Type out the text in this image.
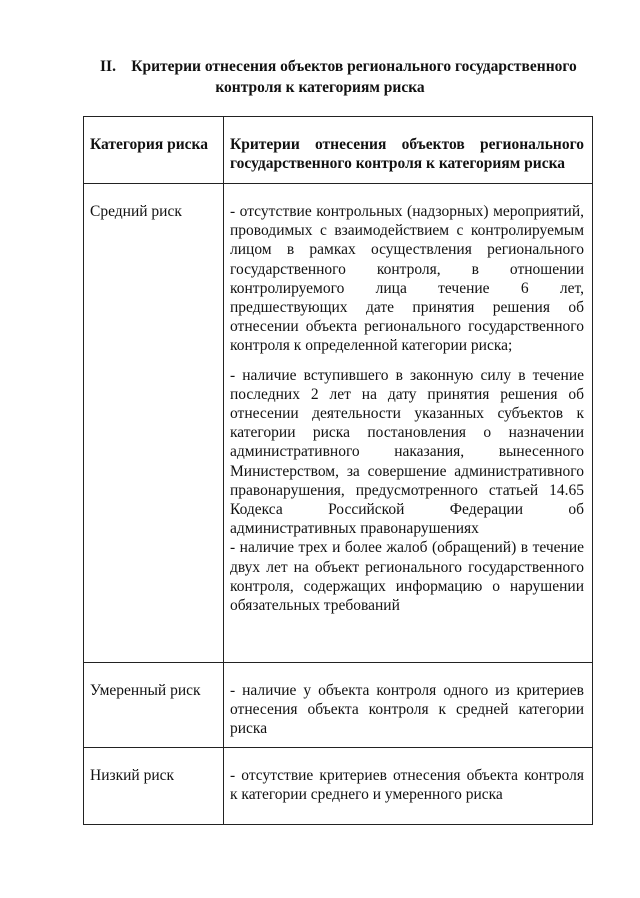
II. Критерии отнесения объектов регионального государственного
контроля к категориям риска
Категория риска	Критерии отнесения объектов регионального государственного контроля к категориям риска
Средний риск	- отсутствие контрольных (надзорных) мероприятий, проводимых с взаимодействием с контролируемым лицом в рамках осуществления регионального государственного контроля, в отношении контролируемого лица течение 6 лет, предшествующих дате принятия решения об отнесении объекта регионального государственного контроля к определенной категории риска;

- наличие вступившего в законную силу в течение последних 2 лет на дату принятия решения об отнесении деятельности указанных субъектов к категории риска постановления о назначении административного наказания, вынесенного Министерством, за совершение административного правонарушения, предусмотренного статьей 14.65 Кодекса Российской Федерации об административных правонарушениях

- наличие трех и более жалоб (обращений) в течение двух лет на объект регионального государственного контроля, содержащих информацию о нарушении обязательных требований

Умеренный риск	- наличие у объекта контроля одного из критериев отнесения объекта контроля к средней категории риска

Низкий риск	- отсутствие критериев отнесения объекта контроля к категории среднего и умеренного риска
